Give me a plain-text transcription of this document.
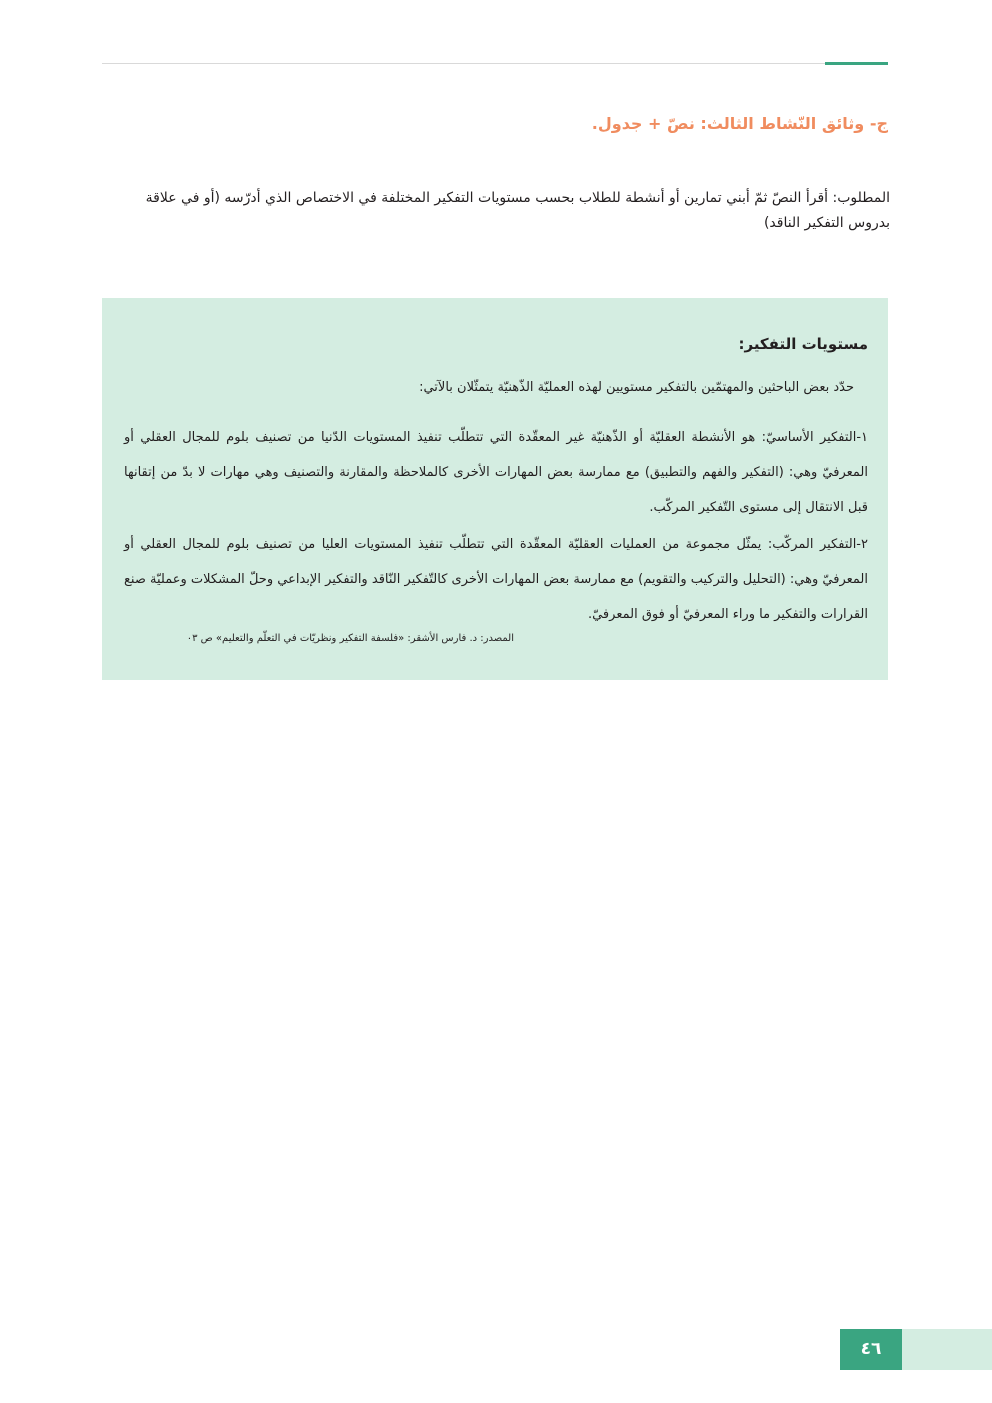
ج- وثائق النّشاط الثالث: نصّ + جدول.

المطلوب: أقرأ النصّ ثمّ أبني تمارين أو أنشطة للطلاب بحسب مستويات التفكير المختلفة في الاختصاص الذي أدرّسه (أو في علاقة بدروس التفكير الناقد)

مستويات التفكير:

حدّد بعض الباحثين والمهتمّين بالتفكير مستويين لهذه العمليّة الذّهنيّة يتمثّلان بالآتي:

١-التفكير الأساسيّ: هو الأنشطة العقليّة أو الذّهنيّة غير المعقّدة التي تتطلّب تنفيذ المستويات الدّنيا من تصنيف بلوم للمجال العقلي أو المعرفيّ وهي: (التفكير والفهم والتطبيق) مع ممارسة بعض المهارات الأخرى كالملاحظة والمقارنة والتصنيف وهي مهارات لا بدّ من إتقانها قبل الانتقال إلى مستوى التّفكير المركّب.

٢-التفكير المركّب: يمثّل مجموعة من العمليات العقليّة المعقّدة التي تتطلّب تنفيذ المستويات العليا من تصنيف بلوم للمجال العقلي أو المعرفيّ وهي: (التحليل والتركيب والتقويم) مع ممارسة بعض المهارات الأخرى كالتّفكير النّاقد والتفكير الإبداعي وحلّ المشكلات وعمليّة صنع القرارات والتفكير ما وراء المعرفيّ أو فوق المعرفيّ.

المصدر: د. فارس الأشقر: «فلسفة التفكير ونظريّات في التعلّم والتعليم» ص ٠٣

٤٦
